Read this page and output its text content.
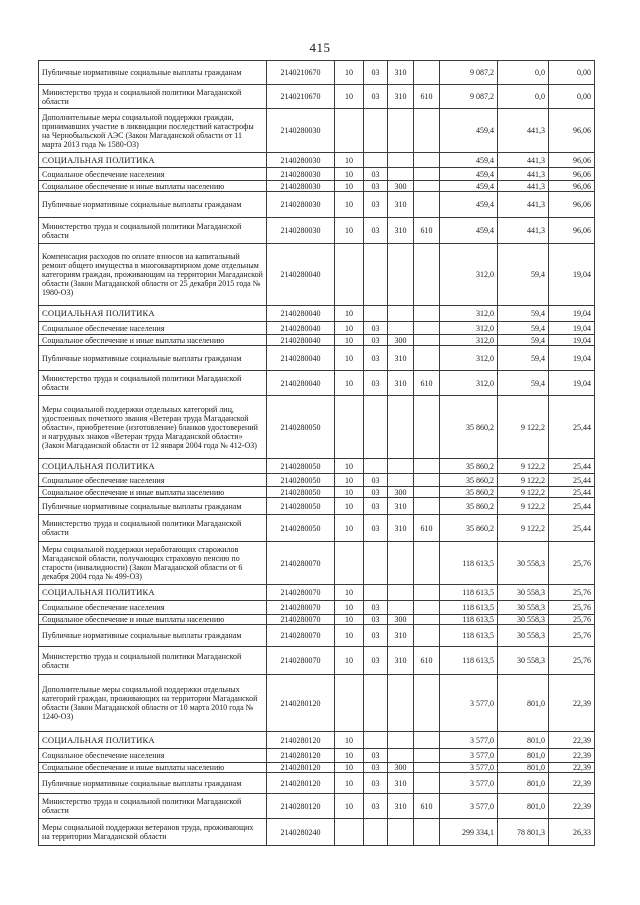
415
Публичные нормативные социальные выплаты гражданам	2140210670	10	03	310		9 087,2	0,0	0,00
Министерство труда и социальной политики Магаданской области	2140210670	10	03	310	610	9 087,2	0,0	0,00
Дополнительные меры социальной поддержки граждан, принимавших участие в ликвидации последствий катастрофы на Чернобыльской АЭС (Закон Магаданской области от 11 марта 2013 года № 1580-ОЗ)	2140280030					459,4	441,3	96,06
СОЦИАЛЬНАЯ ПОЛИТИКА	2140280030	10				459,4	441,3	96,06
Социальное обеспечение населения	2140280030	10	03			459,4	441,3	96,06
Социальное обеспечение и иные выплаты населению	2140280030	10	03	300		459,4	441,3	96,06
Публичные нормативные социальные выплаты гражданам	2140280030	10	03	310		459,4	441,3	96,06
Министерство труда и социальной политики Магаданской области	2140280030	10	03	310	610	459,4	441,3	96,06
Компенсация расходов по оплате взносов на капитальный ремонт общего имущества в многоквартирном доме отдельным категориям граждан, проживающим на территории Магаданской области (Закон Магаданской области от 25 декабря 2015 года № 1980-ОЗ)	2140280040					312,0	59,4	19,04
СОЦИАЛЬНАЯ ПОЛИТИКА	2140280040	10				312,0	59,4	19,04
Социальное обеспечение населения	2140280040	10	03			312,0	59,4	19,04
Социальное обеспечение и иные выплаты населению	2140280040	10	03	300		312,0	59,4	19,04
Публичные нормативные социальные выплаты гражданам	2140280040	10	03	310		312,0	59,4	19,04
Министерство труда и социальной политики Магаданской области	2140280040	10	03	310	610	312,0	59,4	19,04
Меры социальной поддержки отдельных категорий лиц, удостоенных почетного звания «Ветеран труда Магаданской области», приобретение (изготовление) бланков удостоверений и нагрудных знаков «Ветеран труда Магаданской области» (Закон Магаданской области от 12 января 2004 года № 412-ОЗ)	2140280050					35 860,2	9 122,2	25,44
СОЦИАЛЬНАЯ ПОЛИТИКА	2140280050	10				35 860,2	9 122,2	25,44
Социальное обеспечение населения	2140280050	10	03			35 860,2	9 122,2	25,44
Социальное обеспечение и иные выплаты населению	2140280050	10	03	300		35 860,2	9 122,2	25,44
Публичные нормативные социальные выплаты гражданам	2140280050	10	03	310		35 860,2	9 122,2	25,44
Министерство труда и социальной политики Магаданской области	2140280050	10	03	310	610	35 860,2	9 122,2	25,44
Меры социальной поддержки неработающих старожилов Магаданской области, получающих страховую пенсию по старости (инвалидности) (Закон Магаданской области от 6 декабря 2004 года № 499-ОЗ)	2140280070					118 613,5	30 558,3	25,76
СОЦИАЛЬНАЯ ПОЛИТИКА	2140280070	10				118 613,5	30 558,3	25,76
Социальное обеспечение населения	2140280070	10	03			118 613,5	30 558,3	25,76
Социальное обеспечение и иные выплаты населению	2140280070	10	03	300		118 613,5	30 558,3	25,76
Публичные нормативные социальные выплаты гражданам	2140280070	10	03	310		118 613,5	30 558,3	25,76
Министерство труда и социальной политики Магаданской области	2140280070	10	03	310	610	118 613,5	30 558,3	25,76
Дополнительные меры социальной поддержки отдельных категорий граждан, проживающих на территории Магаданской области (Закон Магаданской области от 10 марта 2010 года № 1240-ОЗ)	2140280120					3 577,0	801,0	22,39
СОЦИАЛЬНАЯ ПОЛИТИКА	2140280120	10				3 577,0	801,0	22,39
Социальное обеспечение населения	2140280120	10	03			3 577,0	801,0	22,39
Социальное обеспечение и иные выплаты населению	2140280120	10	03	300		3 577,0	801,0	22,39
Публичные нормативные социальные выплаты гражданам	2140280120	10	03	310		3 577,0	801,0	22,39
Министерство труда и социальной политики Магаданской области	2140280120	10	03	310	610	3 577,0	801,0	22,39
Меры социальной поддержки ветеранов труда, проживающих на территории Магаданской области	2140280240					299 334,1	78 801,3	26,33
